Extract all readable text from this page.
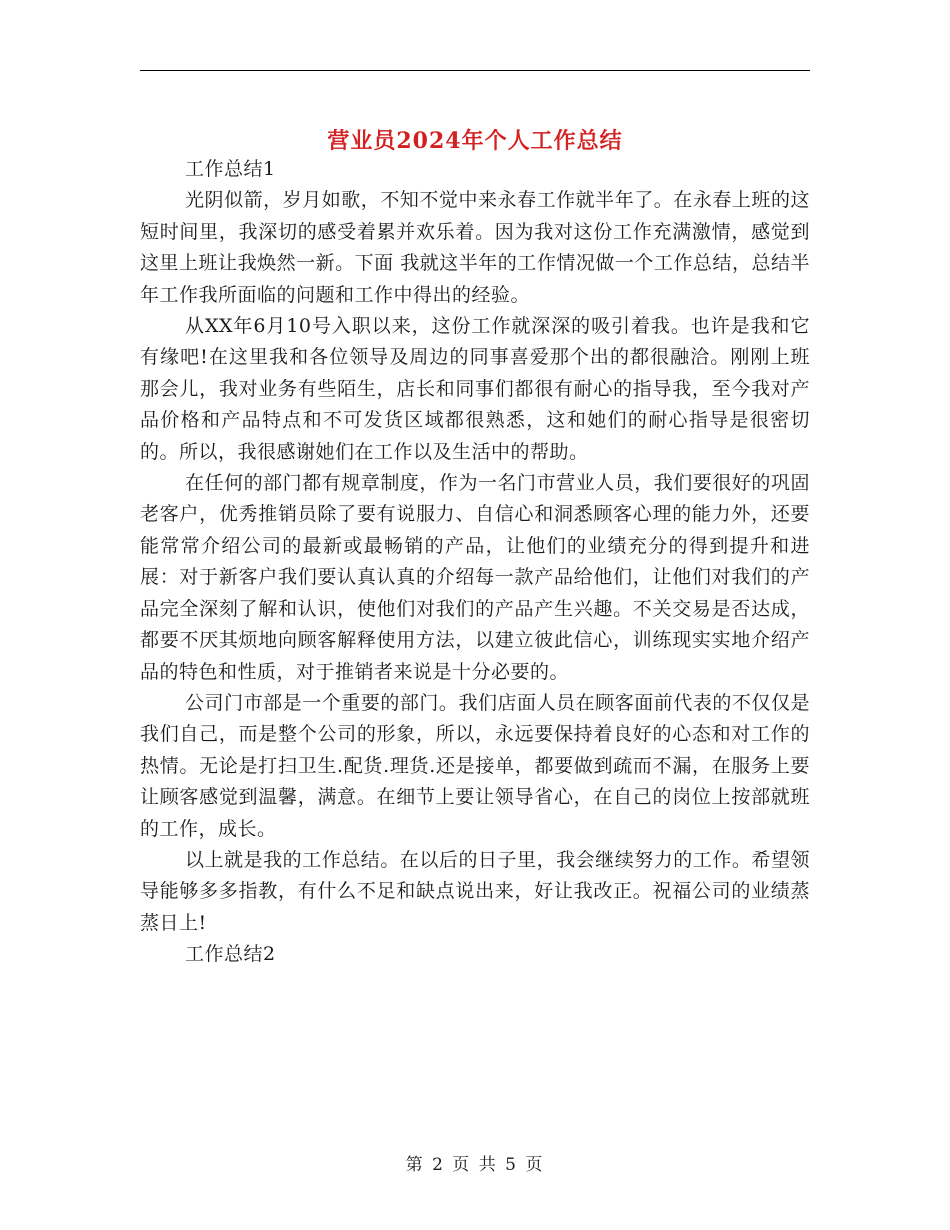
营业员2024年个人工作总结
工作总结1

光阴似箭，岁月如歌，不知不觉中来永春工作就半年了。在永春上班的这短时间里，我深切的感受着累并欢乐着。因为我对这份工作充满激情，感觉到这里上班让我焕然一新。下面 我就这半年的工作情况做一个工作总结，总结半年工作我所面临的问题和工作中得出的经验。

从XX年6月10号入职以来，这份工作就深深的吸引着我。也许是我和它有缘吧!在这里我和各位领导及周边的同事喜爱那个出的都很融洽。刚刚上班那会儿，我对业务有些陌生，店长和同事们都很有耐心的指导我，至今我对产品价格和产品特点和不可发货区域都很熟悉，这和她们的耐心指导是很密切的。所以，我很感谢她们在工作以及生活中的帮助。

在任何的部门都有规章制度，作为一名门市营业人员，我们要很好的巩固老客户，优秀推销员除了要有说服力、自信心和洞悉顾客心理的能力外，还要能常常介绍公司的最新或最畅销的产品，让他们的业绩充分的得到提升和进展：对于新客户我们要认真认真的介绍每一款产品给他们，让他们对我们的产品完全深刻了解和认识，使他们对我们的产品产生兴趣。不关交易是否达成，都要不厌其烦地向顾客解释使用方法，以建立彼此信心，训练现实实地介绍产品的特色和性质，对于推销者来说是十分必要的。

公司门市部是一个重要的部门。我们店面人员在顾客面前代表的不仅仅是我们自己，而是整个公司的形象，所以，永远要保持着良好的心态和对工作的热情。无论是打扫卫生.配货.理货.还是接单，都要做到疏而不漏，在服务上要让顾客感觉到温馨，满意。在细节上要让领导省心，在自己的岗位上按部就班的工作，成长。

以上就是我的工作总结。在以后的日子里，我会继续努力的工作。希望领导能够多多指教，有什么不足和缺点说出来，好让我改正。祝福公司的业绩蒸蒸日上!

工作总结2
第 2 页 共 5 页
